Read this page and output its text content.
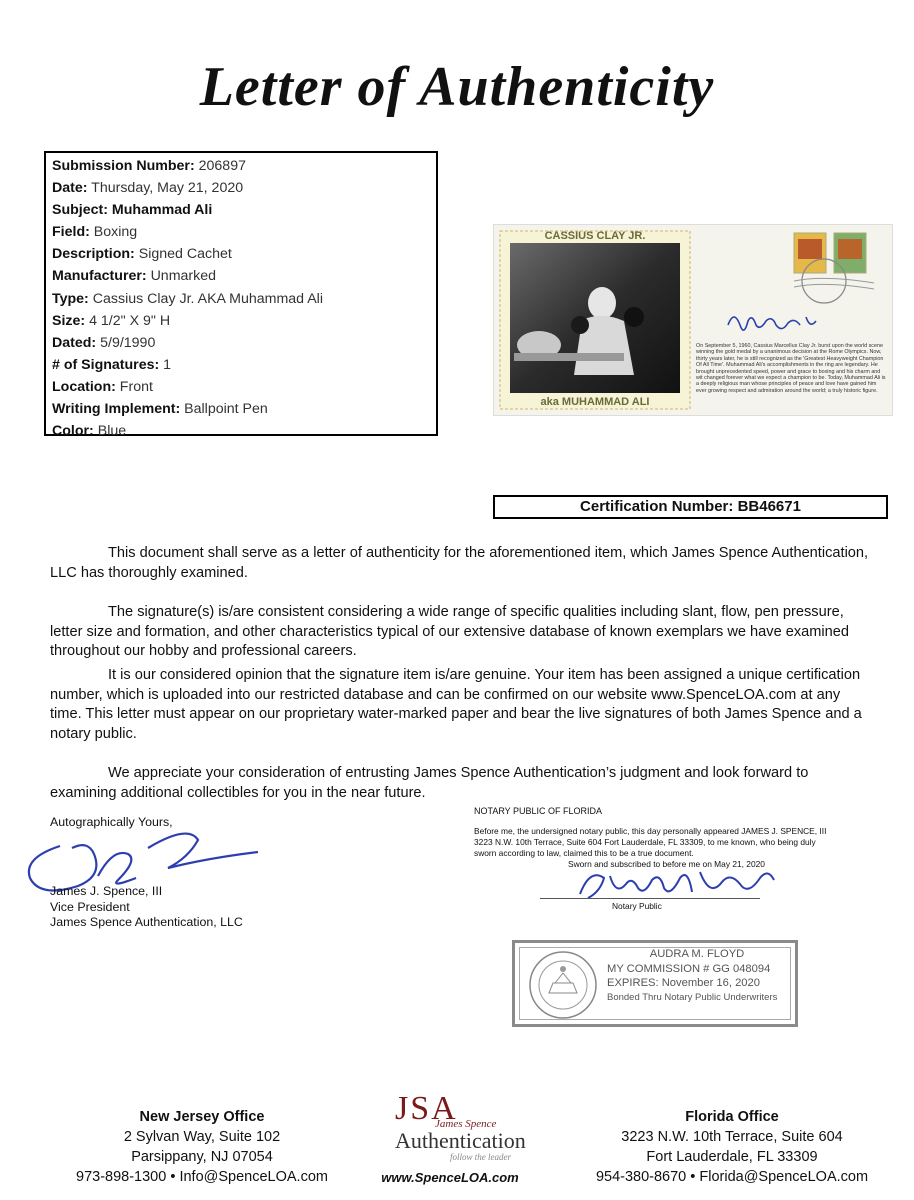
Letter of Authenticity
Submission Number: 206897
Date: Thursday, May 21, 2020
Subject: Muhammad Ali
Field: Boxing
Description: Signed Cachet
Manufacturer: Unmarked
Type: Cassius Clay Jr. AKA Muhammad Ali
Size: 4 1/2" X 9" H
Dated: 5/9/1990
# of Signatures: 1
Location: Front
Writing Implement: Ballpoint Pen
Color: Blue
CASSIUS CLAY JR.
aka MUHAMMAD ALI
On September 5, 1960, Cassius Marcellus Clay Jr. burst upon the world scene winning the gold medal by a unanimous decision at the Rome Olympics. Now, thirty years later, he is still recognized as the 'Greatest Heavyweight Champion Of All Time'. Muhammad Ali's accomplishments in the ring are legendary. He brought unprecedented speed, power and grace to boxing and his charm and wit changed forever what we expect a champion to be. Today, Muhammad Ali is a deeply religious man whose principles of peace and love have gained him ever growing respect and admiration around the world; a truly historic figure.
Certification Number: BB46671
This document shall serve as a letter of authenticity for the aforementioned item, which James Spence Authentication, LLC has thoroughly examined.
The signature(s) is/are consistent considering a wide range of specific qualities including slant, flow, pen pressure, letter size and formation, and other characteristics typical of our extensive database of known exemplars we have examined throughout our hobby and professional careers.
It is our considered opinion that the signature item is/are genuine. Your item has been assigned a unique certification number, which is uploaded into our restricted database and can be confirmed on our website www.SpenceLOA.com at any time. This letter must appear on our proprietary water-marked paper and bear the live signatures of both James Spence and a notary public.
We appreciate your consideration of entrusting James Spence Authentication’s judgment and look forward to examining additional collectibles for you in the near future.
Autographically Yours,
James J. Spence, III
Vice President
James Spence Authentication, LLC
NOTARY PUBLIC OF FLORIDA
Before me, the undersigned notary public, this day personally appeared JAMES J. SPENCE, III 3223 N.W. 10th Terrace, Suite 604 Fort Lauderdale, FL 33309, to me known, who being duly sworn according to law, claimed this to be a true document.
Sworn and subscribed to before me on May 21, 2020
Notary Public
AUDRA M. FLOYD
MY COMMISSION # GG 048094
EXPIRES: November 16, 2020
Bonded Thru Notary Public Underwriters
New Jersey Office
2 Sylvan Way, Suite 102
Parsippany, NJ 07054
973-898-1300 • Info@SpenceLOA.com
Florida Office
3223 N.W. 10th Terrace, Suite 604
Fort Lauderdale, FL 33309
954-380-8670 • Florida@SpenceLOA.com
JSA
James Spence
Authentication
follow the leader
www.SpenceLOA.com
